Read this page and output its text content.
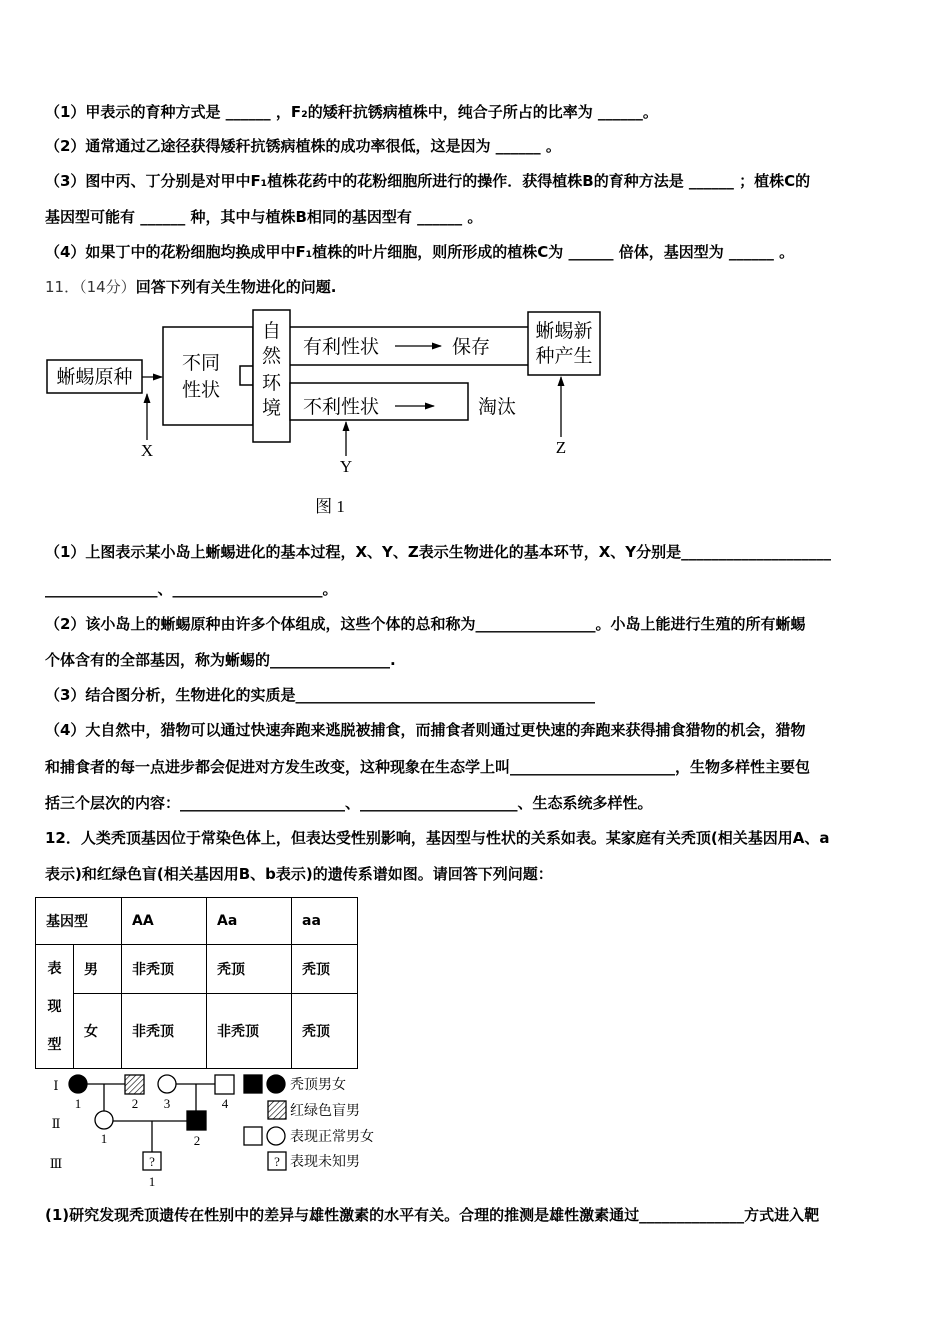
（1）甲表示的育种方式是 ______ ，F₂的矮秆抗锈病植株中，纯合子所占的比率为 ______。
（2）通常通过乙途径获得矮秆抗锈病植株的成功率很低，这是因为 ______ 。
（3）图中丙、丁分别是对甲中F₁植株花药中的花粉细胞所进行的操作．获得植株B的育种方法是 ______ ；植株C的
基因型可能有 ______ 种，其中与植株B相同的基因型有 ______ 。
（4）如果丁中的花粉细胞均换成甲中F₁植株的叶片细胞，则所形成的植株C为 ______ 倍体，基因型为 ______ 。
11．（14分）回答下列有关生物进化的问题.
蜥蜴原种
不同
性状
自
然
环
境
有利性状	保存
不利性状	淘汰
蜥蜴新
种产生
X
Y
Z
图 1
（1）上图表示某小岛上蜥蜴进化的基本过程，X、Y、Z表示生物进化的基本环节，X、Y分别是____________________
_______________、____________________。
（2）该小岛上的蜥蜴原种由许多个体组成，这些个体的总和称为________________。小岛上能进行生殖的所有蜥蜴
个体含有的全部基因，称为蜥蜴的________________.
（3）结合图分析，生物进化的实质是________________________________________
（4）大自然中，猎物可以通过快速奔跑来逃脱被捕食，而捕食者则通过更快速的奔跑来获得捕食猎物的机会，猎物
和捕食者的每一点进步都会促进对方发生改变，这种现象在生态学上叫______________________，生物多样性主要包
括三个层次的内容：______________________、_____________________、生态系统多样性。
12．人类秃顶基因位于常染色体上，但表达受性别影响，基因型与性状的关系如表。某家庭有关秃顶(相关基因用A、a
表示)和红绿色盲(相关基因用B、b表示)的遗传系谱如图。请回答下列问题：
基因型		AA	Aa	aa

表
现
型	男	非秃顶	秃顶	秃顶
	女	非秃顶	非秃顶	秃顶
?	?
Ⅰ
Ⅱ
Ⅲ
1	2 3	4
1	2
1
秃顶男女
红绿色盲男
表现正常男女
表现未知男
(1)研究发现秃顶遗传在性别中的差异与雄性激素的水平有关。合理的推测是雄性激素通过______________方式进入靶
